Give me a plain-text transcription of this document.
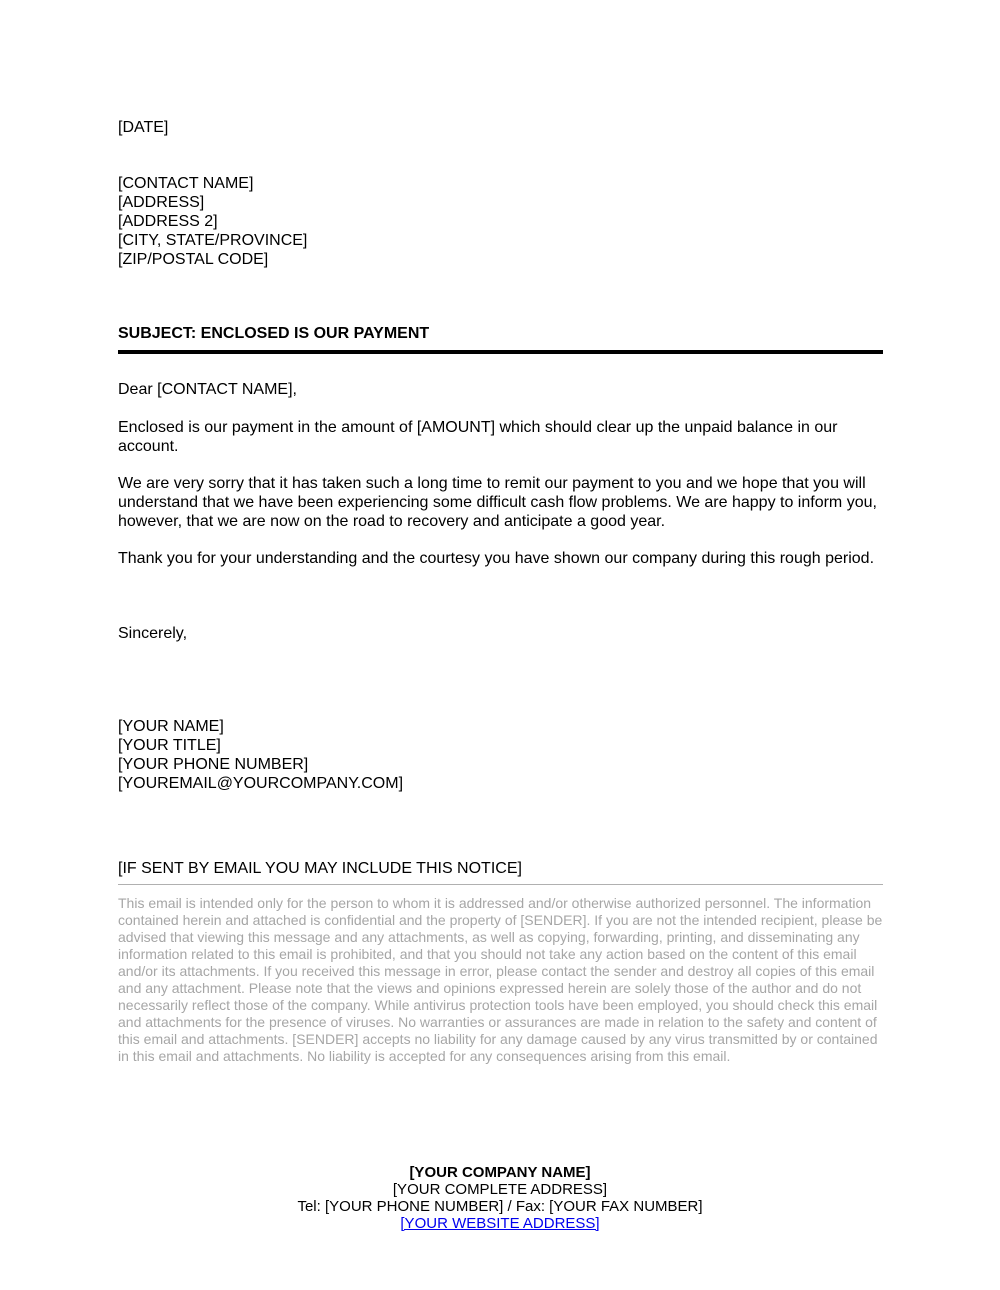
[DATE]
[CONTACT NAME]
[ADDRESS]
[ADDRESS 2]
[CITY, STATE/PROVINCE]
[ZIP/POSTAL CODE]
SUBJECT: ENCLOSED IS OUR PAYMENT
Dear [CONTACT NAME],
Enclosed is our payment in the amount of [AMOUNT] which should clear up the unpaid balance in our account.
We are very sorry that it has taken such a long time to remit our payment to you and we hope that you will understand that we have been experiencing some difficult cash flow problems. We are happy to inform you, however, that we are now on the road to recovery and anticipate a good year.
Thank you for your understanding and the courtesy you have shown our company during this rough period.
Sincerely,
[YOUR NAME]
[YOUR TITLE]
[YOUR PHONE NUMBER]
[YOUREMAIL@YOURCOMPANY.COM]
[IF SENT BY EMAIL YOU MAY INCLUDE THIS NOTICE]
This email is intended only for the person to whom it is addressed and/or otherwise authorized personnel. The information contained herein and attached is confidential and the property of [SENDER]. If you are not the intended recipient, please be advised that viewing this message and any attachments, as well as copying, forwarding, printing, and disseminating any information related to this email is prohibited, and that you should not take any action based on the content of this email and/or its attachments. If you received this message in error, please contact the sender and destroy all copies of this email and any attachment. Please note that the views and opinions expressed herein are solely those of the author and do not necessarily reflect those of the company. While antivirus protection tools have been employed, you should check this email and attachments for the presence of viruses. No warranties or assurances are made in relation to the safety and content of this email and attachments. [SENDER] accepts no liability for any damage caused by any virus transmitted by or contained in this email and attachments. No liability is accepted for any consequences arising from this email.
[YOUR COMPANY NAME]
[YOUR COMPLETE ADDRESS]
Tel: [YOUR PHONE NUMBER] / Fax: [YOUR FAX NUMBER]
[YOUR WEBSITE ADDRESS]
